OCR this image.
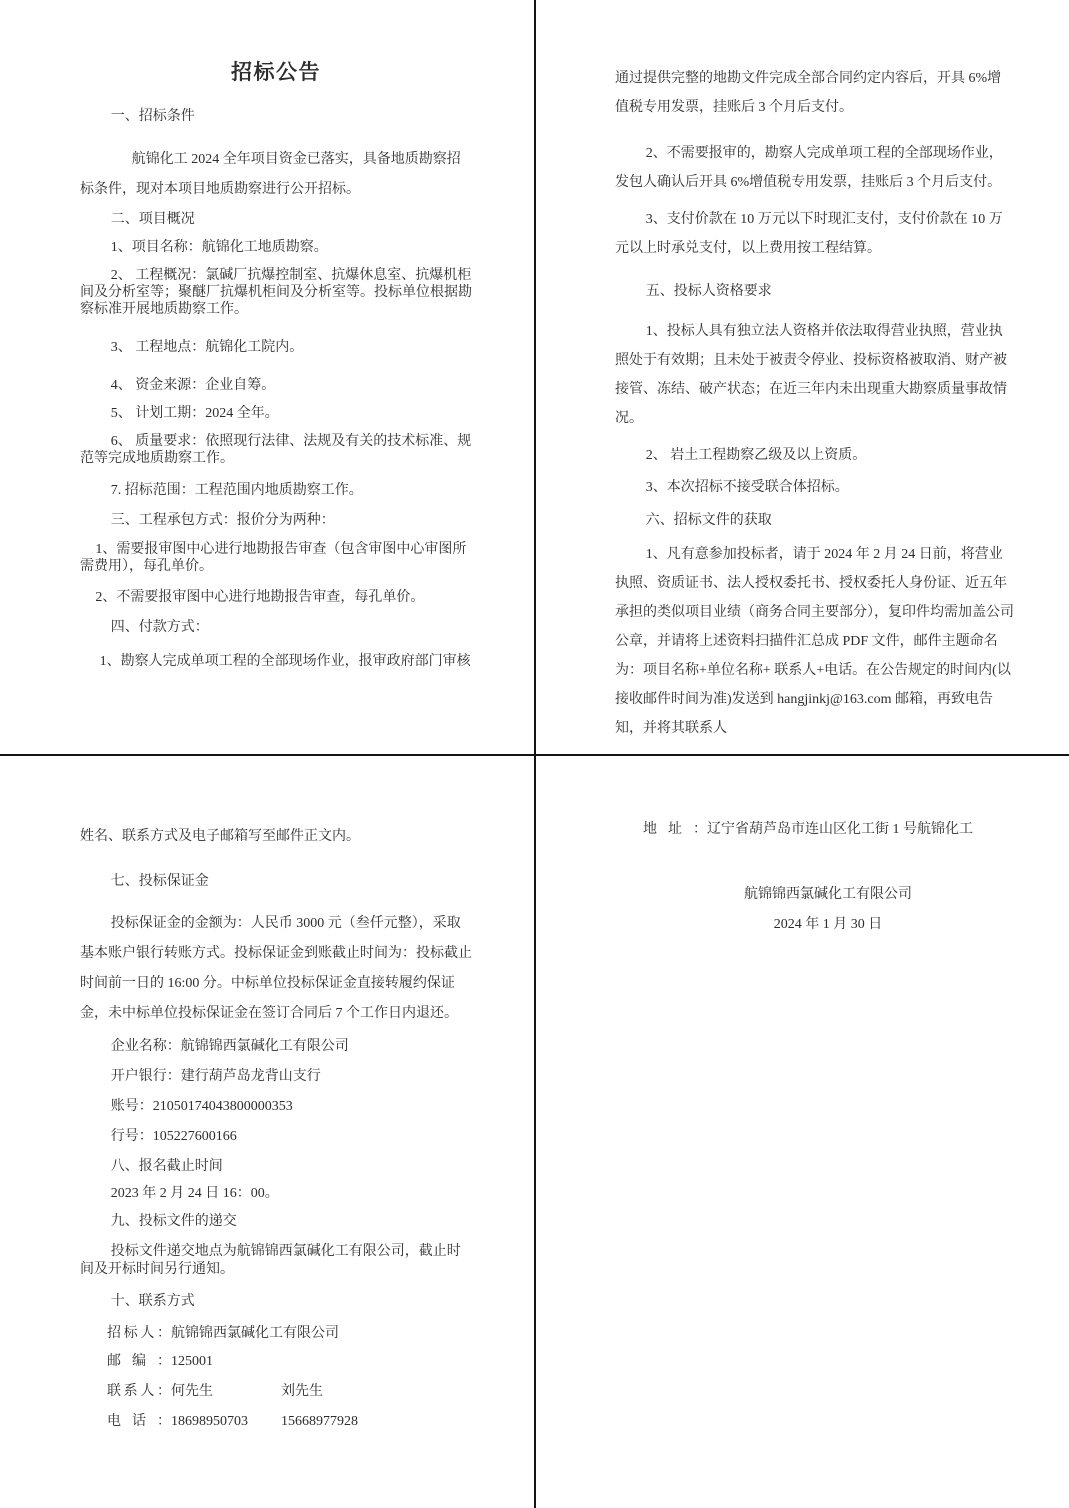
招标公告

一、招标条件

航锦化工 2024 全年项目资金已落实，具备地质勘察招标条件，现对本项目地质勘察进行公开招标。

二、项目概况

1、项目名称：航锦化工地质勘察。

2、 工程概况：氯碱厂抗爆控制室、抗爆休息室、抗爆机柜间及分析室等；聚醚厂抗爆机柜间及分析室等。投标单位根据勘察标准开展地质勘察工作。

3、 工程地点：航锦化工院内。

4、 资金来源：企业自筹。

5、 计划工期：2024 全年。

6、 质量要求：依照现行法律、法规及有关的技术标准、规范等完成地质勘察工作。

7. 招标范围：工程范围内地质勘察工作。

三、工程承包方式：报价分为两种：

1、需要报审图中心进行地勘报告审查（包含审图中心审图所需费用），每孔单价。

2、不需要报审图中心进行地勘报告审查，每孔单价。

四、付款方式：

1、勘察人完成单项工程的全部现场作业，报审政府部门审核

通过提供完整的地勘文件完成全部合同约定内容后，开具 6%增值税专用发票，挂账后 3 个月后支付。

2、不需要报审的，勘察人完成单项工程的全部现场作业，发包人确认后开具 6%增值税专用发票，挂账后 3 个月后支付。

3、支付价款在 10 万元以下时现汇支付，支付价款在 10 万元以上时承兑支付，以上费用按工程结算。

五、投标人资格要求

1、投标人具有独立法人资格并依法取得营业执照，营业执照处于有效期；且未处于被责令停业、投标资格被取消、财产被接管、冻结、破产状态；在近三年内未出现重大勘察质量事故情况。

2、 岩土工程勘察乙级及以上资质。

3、本次招标不接受联合体招标。

六、招标文件的获取

1、凡有意参加投标者，请于 2024 年 2 月 24 日前，将营业执照、资质证书、法人授权委托书、授权委托人身份证、近五年承担的类似项目业绩（商务合同主要部分），复印件均需加盖公司公章，并请将上述资料扫描件汇总成 PDF 文件，邮件主题命名为：项目名称+单位名称+ 联系人+电话。在公告规定的时间内(以接收邮件时间为准)发送到 hangjinkj@163.com 邮箱，再致电告知，并将其联系人

姓名、联系方式及电子邮箱写至邮件正文内。

七、投标保证金

投标保证金的金额为：人民币 3000 元（叁仟元整），采取基本账户银行转账方式。投标保证金到账截止时间为：投标截止时间前一日的 16:00 分。中标单位投标保证金直接转履约保证金，未中标单位投标保证金在签订合同后 7 个工作日内退还。

企业名称：航锦锦西氯碱化工有限公司

开户银行：建行葫芦岛龙背山支行

账号：21050174043800000353

行号：105227600166

八、报名截止时间

2023 年 2 月 24 日 16：00。

九、投标文件的递交

投标文件递交地点为航锦锦西氯碱化工有限公司，截止时间及开标时间另行通知。

十、联系方式

招标人： 航锦锦西氯碱化工有限公司
邮编： 125001
联系人： 何先生	刘先生
电话： 18698950703	15668977928
地址： 辽宁省葫芦岛市连山区化工街 1 号航锦化工

航锦锦西氯碱化工有限公司

2024 年 1 月 30 日
